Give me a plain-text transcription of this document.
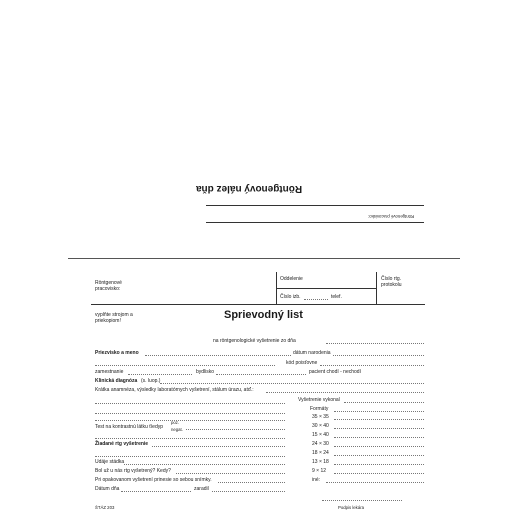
Röntgenový nález dňa
Röntgenové pracovisko:
Röntgenové pracovisko:
Oddelenie	Číslo rtg. protokolu
Číslo izb.	telef.
vyplňte strojom a priekopiom!	Sprievodný list
na röntgenologické vyšetrenie zo dňa
Priezvisko a meno	dátum narodenia
kód poisťovne
zamestnanie	bydlisko	pacient chodí - nechodí
Klinická diagnóza (s. luop.)
Krátka anamnéza, výsledky laboratórnych vyšetrení, stálum úrazu, atď.:
Vyšetrenie vykonal
Formáty
Test na kontrastnú látku ťiedyp
poz.
negat.
Žiadané rtg vyšetrenie
Udáje stádka
Bol už u nás rtg vyšetrený? Kedy?
Pri opakovanom vyšetrení prinesie so sebou snímky.
Dátum dňa	zaradil
35 × 35
30 × 40
15 × 40
24 × 30
18 × 24
13 × 18
9 × 12
iné:
Podpis lekára
ŠTÁZ 203
